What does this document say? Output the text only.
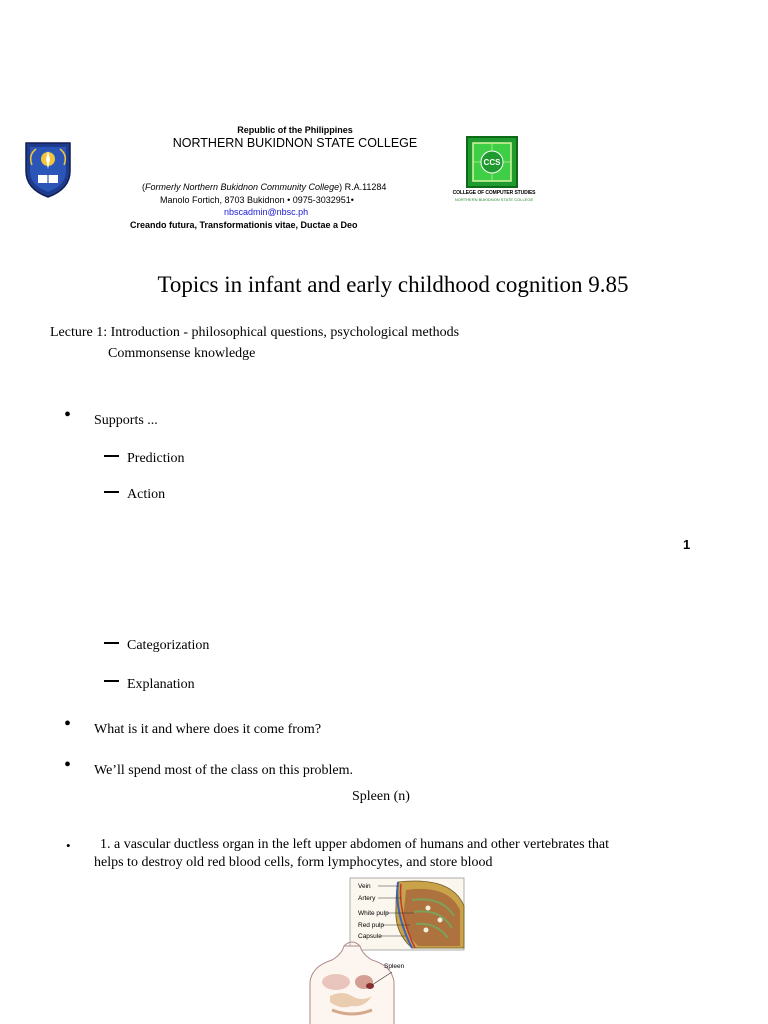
Republic of the Philippines
NORTHERN BUKIDNON STATE COLLEGE
(Formerly Northern Bukidnon Community College) R.A.11284
Manolo Fortich, 8703 Bukidnon • 0975-3032951•
nbscadmin@nbsc.ph
Creando futura, Transformationis vitae, Ductae a Deo
CCS
COLLEGE OF COMPUTER STUDIES
NORTHERN BUKIDNON STATE COLLEGE
Topics in infant and early childhood cognition 9.85
Lecture 1: Introduction - philosophical questions, psychological methods
Commonsense knowledge
• Supports ...
Prediction
Action
1
Categorization
Explanation
• What is it and where does it come from?
• We’ll spend most of the class on this problem.
Spleen (n)
• 1. a vascular ductless organ in the left upper abdomen of humans and other vertebrates that
helps to destroy old red blood cells, form lymphocytes, and store blood
Vein
Artery
White pulp
Red pulp
Capsule
Spleen
